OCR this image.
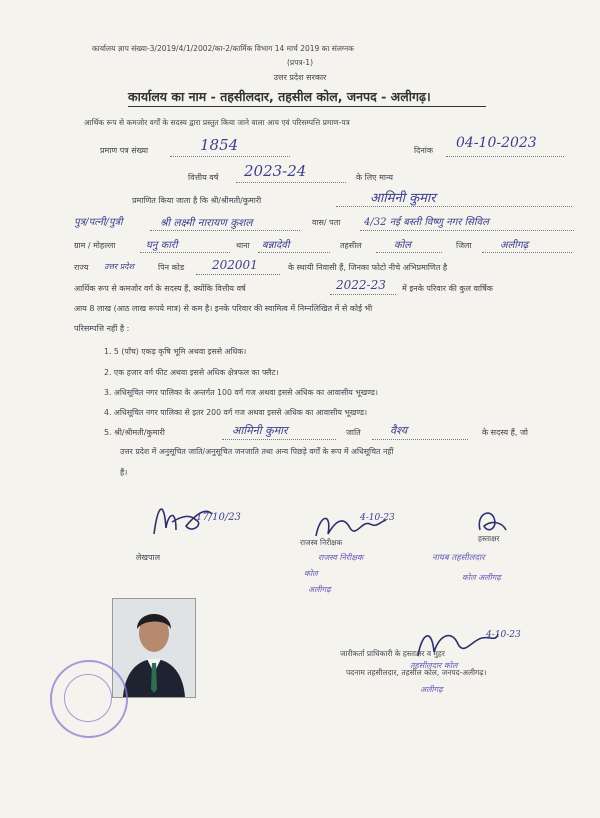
कार्यालय ज्ञाप संख्या-3/2019/4/1/2002/का-2/कार्मिक विभाग 14 मार्च 2019 का संलग्नक
(प्रपत्र-1)
उत्तर प्रदेश सरकार
कार्यालय का नाम - तहसीलदार, तहसील कोल, जनपद - अलीगढ़।
आर्थिक रूप से कमजोर वर्गों के सदस्य द्वारा प्रस्तुत किया जाने वाला आय एवं परिसम्पत्ति प्रमाण-पत्र
प्रमाण पत्र संख्या	1854	दिनांक 04-10-2023
वित्तीय वर्ष 2023-24	के लिए मान्य
प्रमाणित किया जाता है कि श्री/श्रीमती/कुमारी	आमिनी कुमार
पुत्र/पत्नी/पुत्री	श्री लक्ष्मी नारायण कुशल	वास/ पता 4/32 नई बस्ती विष्णु नगर सिविल
ग्राम / मोहल्ला	घनु कारी	थाना बन्नादेवी	तहसील	कोल	जिला	अलीगढ़
राज्य उत्तर प्रदेश	पिन कोड 202001	के स्थायी निवासी हैं, जिनका फोटो नीचे अभिप्रमाणित है
आर्थिक रूप से कमजोर वर्ग के सदस्य हैं, क्योंकि वित्तीय वर्ष	2022-23 में इनके परिवार की कुल वार्षिक
आय 8 लाख (आठ लाख रूपये मात्र) से कम है। इनके परिवार की स्वामित्व में निम्नलिखित में से कोई भी
परिसम्पत्ति नहीं है :
1. 5 (पाँच) एकड़ कृषि भूमि अथवा इससे अधिक।
2. एक हजार वर्ग फीट अथवा इससे अधिक क्षेत्रफल का फ्लैट।
3. अधिसूचित नगर पालिका के अन्तर्गत 100 वर्ग गज अथवा इससे अधिक का आवासीय भूखण्ड।
4. अधिसूचित नगर पालिका से इतर 200 वर्ग गज अथवा इससे अधिक का आवासीय भूखण्ड।
5. श्री/श्रीमती/कुमारी	आमिनी कुमार	जाति	वैश्य	के सदस्य हैं, जो
उत्तर प्रदेश में अनुसूचित जाति/अनुसूचित जनजाति तथा अन्य पिछड़े वर्गों के रूप में अधिसूचित नहीं
हैं।
17/10/23
लेखपाल
4-10-23
राजस्व निरीक्षक
राजस्व निरीक्षक
कोल
अलीगढ़
हस्ताक्षर
नायब तहसीलदार
कोल अलीगढ़
4-10-23
जारीकर्ता प्राधिकारी के हस्ताक्षर व मुहर
तहसीलदार कोल
पदनाम तहसीलदार, तहसील कोल, जनपद-अलीगढ़।
अलीगढ़
